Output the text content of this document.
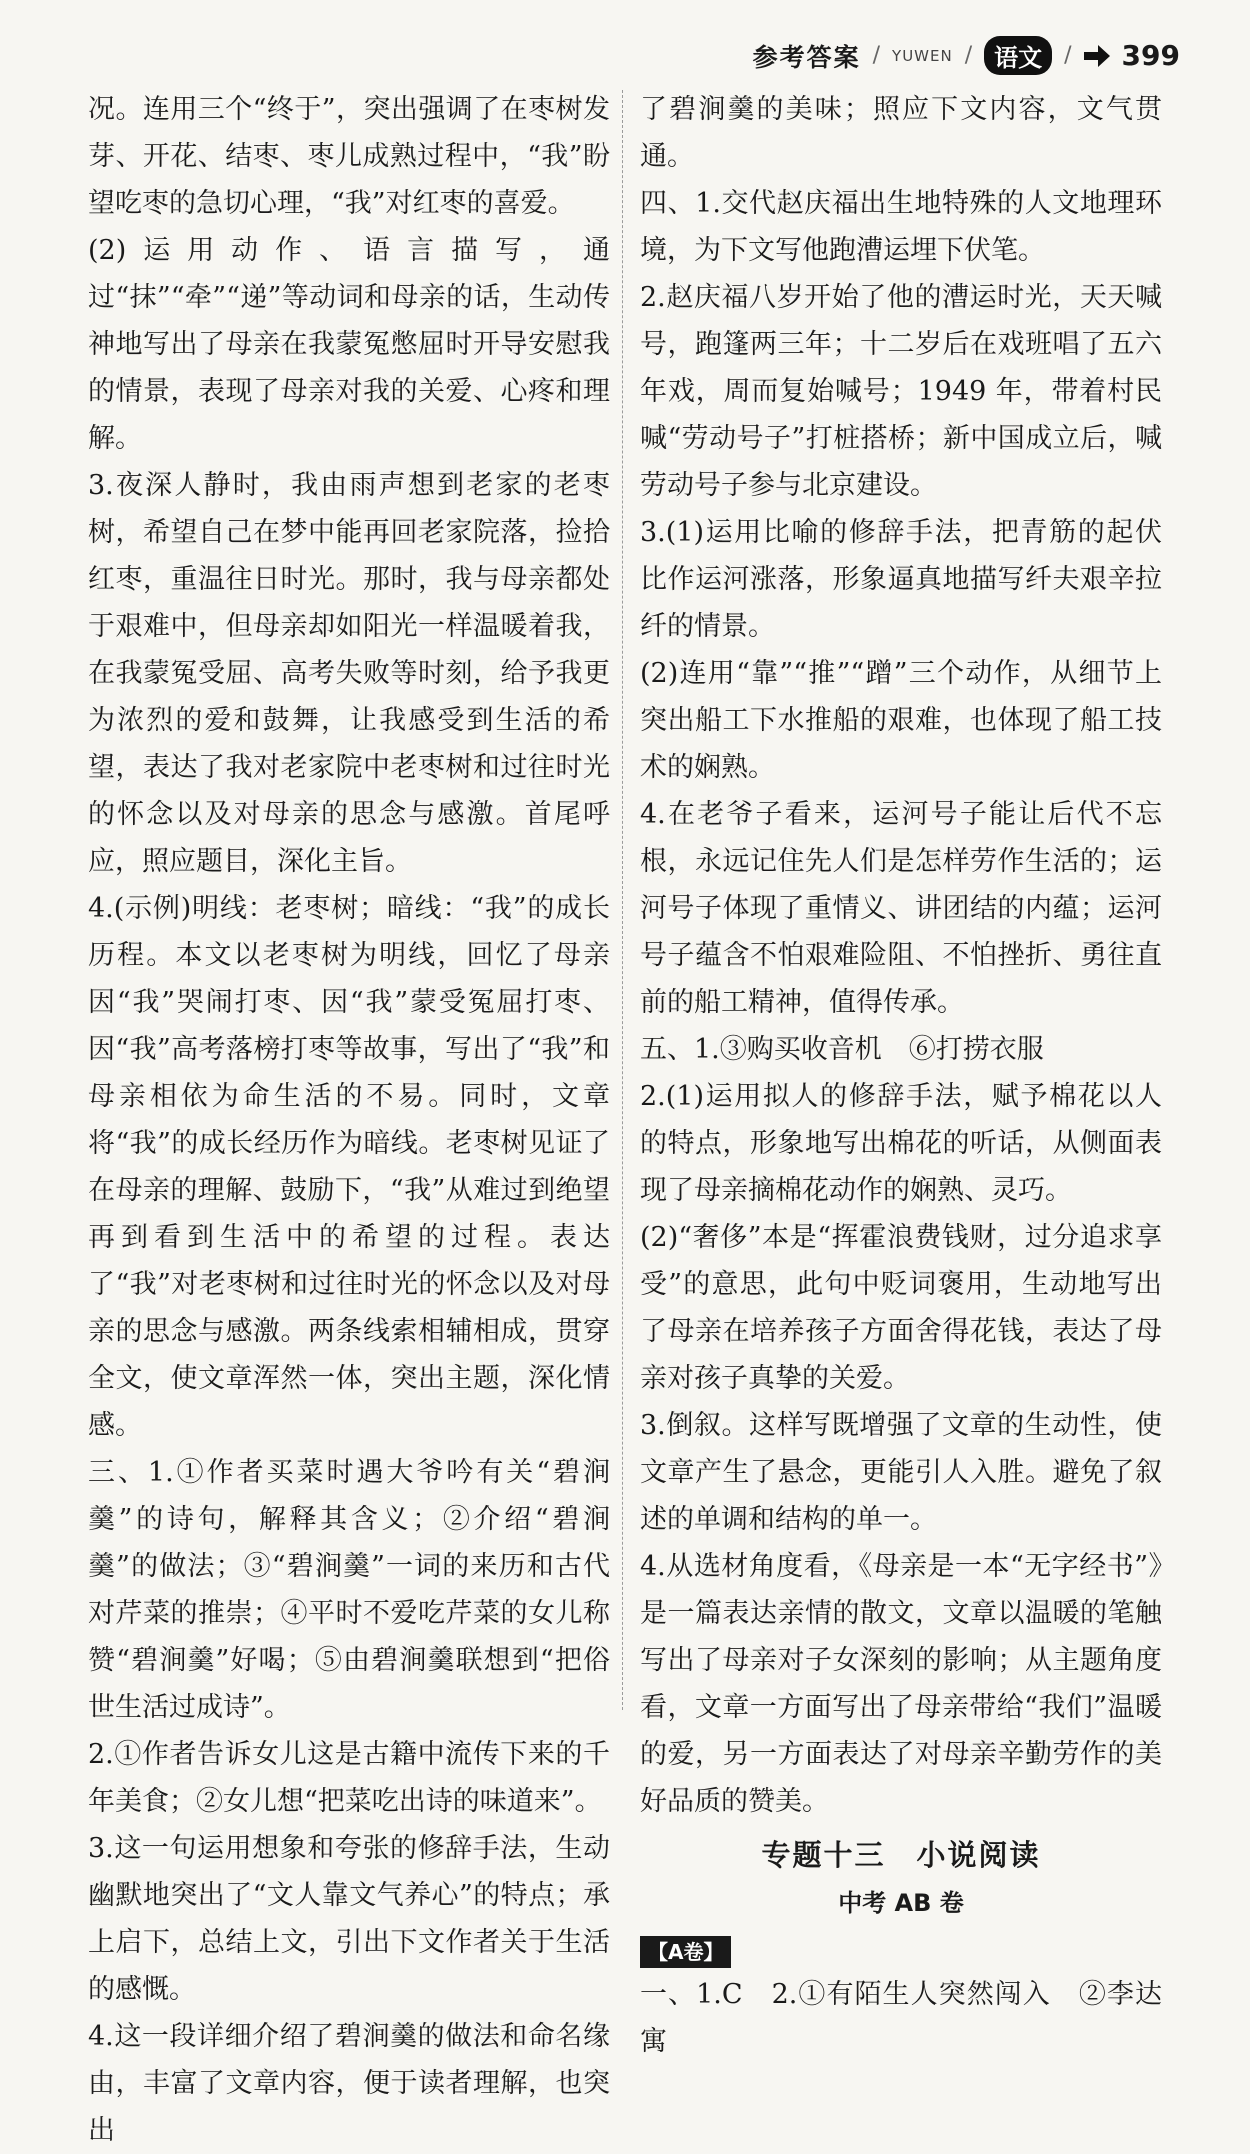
参考答案 / YUWEN / 语文	/ 399

况。连用三个“终于”，突出强调了在枣树发芽、开花、结枣、枣儿成熟过程中，“我”盼望吃枣的急切心理，“我”对红枣的喜爱。

(2)运用动作、语言描写，通过“抹”“牵”“递”等动词和母亲的话，生动传神地写出了母亲在我蒙冤憋屈时开导安慰我的情景，表现了母亲对我的关爱、心疼和理解。

3.夜深人静时，我由雨声想到老家的老枣树，希望自己在梦中能再回老家院落，捡拾红枣，重温往日时光。那时，我与母亲都处于艰难中，但母亲却如阳光一样温暖着我，在我蒙冤受屈、高考失败等时刻，给予我更为浓烈的爱和鼓舞，让我感受到生活的希望，表达了我对老家院中老枣树和过往时光的怀念以及对母亲的思念与感激。首尾呼应，照应题目，深化主旨。

4.(示例)明线：老枣树；暗线：“我”的成长历程。本文以老枣树为明线，回忆了母亲因“我”哭闹打枣、因“我”蒙受冤屈打枣、因“我”高考落榜打枣等故事，写出了“我”和母亲相依为命生活的不易。同时，文章将“我”的成长经历作为暗线。老枣树见证了在母亲的理解、鼓励下，“我”从难过到绝望再到看到生活中的希望的过程。表达了“我”对老枣树和过往时光的怀念以及对母亲的思念与感激。两条线索相辅相成，贯穿全文，使文章浑然一体，突出主题，深化情感。

三、1.①作者买菜时遇大爷吟有关“碧涧羹”的诗句，解释其含义；②介绍“碧涧羹”的做法；③“碧涧羹”一词的来历和古代对芹菜的推崇；④平时不爱吃芹菜的女儿称赞“碧涧羹”好喝；⑤由碧涧羹联想到“把俗世生活过成诗”。

2.①作者告诉女儿这是古籍中流传下来的千年美食；②女儿想“把菜吃出诗的味道来”。

3.这一句运用想象和夸张的修辞手法，生动幽默地突出了“文人靠文气养心”的特点；承上启下，总结上文，引出下文作者关于生活的感慨。

4.这一段详细介绍了碧涧羹的做法和命名缘由，丰富了文章内容，便于读者理解，也突出

了碧涧羹的美味；照应下文内容，文气贯通。

四、1.交代赵庆福出生地特殊的人文地理环境，为下文写他跑漕运埋下伏笔。

2.赵庆福八岁开始了他的漕运时光，天天喊号，跑篷两三年；十二岁后在戏班唱了五六年戏，周而复始喊号；1949 年，带着村民喊“劳动号子”打桩搭桥；新中国成立后，喊劳动号子参与北京建设。

3.(1)运用比喻的修辞手法，把青筋的起伏比作运河涨落，形象逼真地描写纤夫艰辛拉纤的情景。

(2)连用“靠”“推”“蹭”三个动作，从细节上突出船工下水推船的艰难，也体现了船工技术的娴熟。

4.在老爷子看来，运河号子能让后代不忘根，永远记住先人们是怎样劳作生活的；运河号子体现了重情义、讲团结的内蕴；运河号子蕴含不怕艰难险阻、不怕挫折、勇往直前的船工精神，值得传承。

五、1.③购买收音机　⑥打捞衣服

2.(1)运用拟人的修辞手法，赋予棉花以人的特点，形象地写出棉花的听话，从侧面表现了母亲摘棉花动作的娴熟、灵巧。

(2)“奢侈”本是“挥霍浪费钱财，过分追求享受”的意思，此句中贬词褒用，生动地写出了母亲在培养孩子方面舍得花钱，表达了母亲对孩子真挚的关爱。

3.倒叙。这样写既增强了文章的生动性，使文章产生了悬念，更能引人入胜。避免了叙述的单调和结构的单一。

4.从选材角度看，《母亲是一本“无字经书”》是一篇表达亲情的散文，文章以温暖的笔触写出了母亲对子女深刻的影响；从主题角度看，文章一方面写出了母亲带给“我们”温暖的爱，另一方面表达了对母亲辛勤劳作的美好品质的赞美。

专题十三　小说阅读
中考 AB 卷
【A卷】

一、1.C　2.①有陌生人突然闯入　②李达寓
